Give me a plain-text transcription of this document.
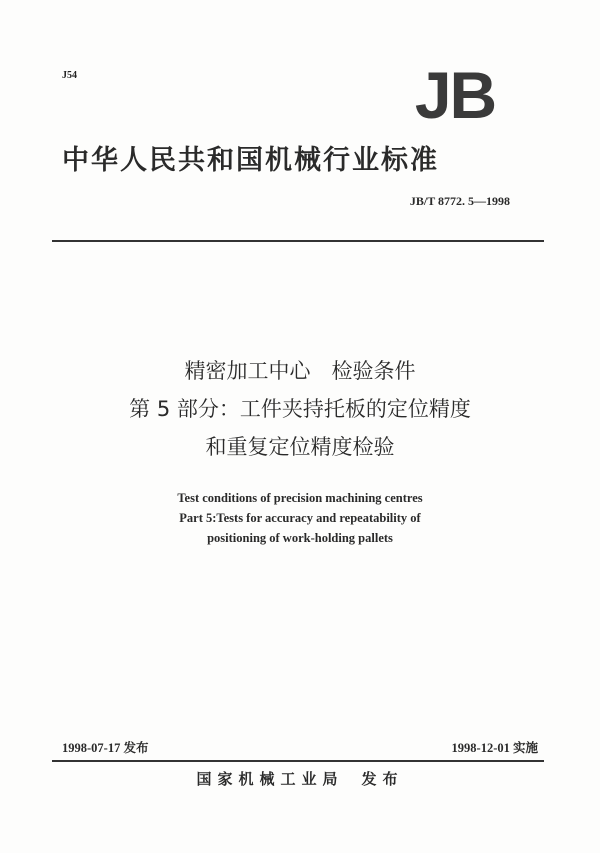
J54	JB
中华人民共和国机械行业标准
JB/T 8772. 5—1998
精密加工中心　检验条件
第 5 部分：工件夹持托板的定位精度
和重复定位精度检验
Test conditions of precision machining centres
Part 5:Tests for accuracy and repeatability of
positioning of work-holding pallets
1998-07-17 发布	1998-12-01 实施
国家机械工业局 发布
